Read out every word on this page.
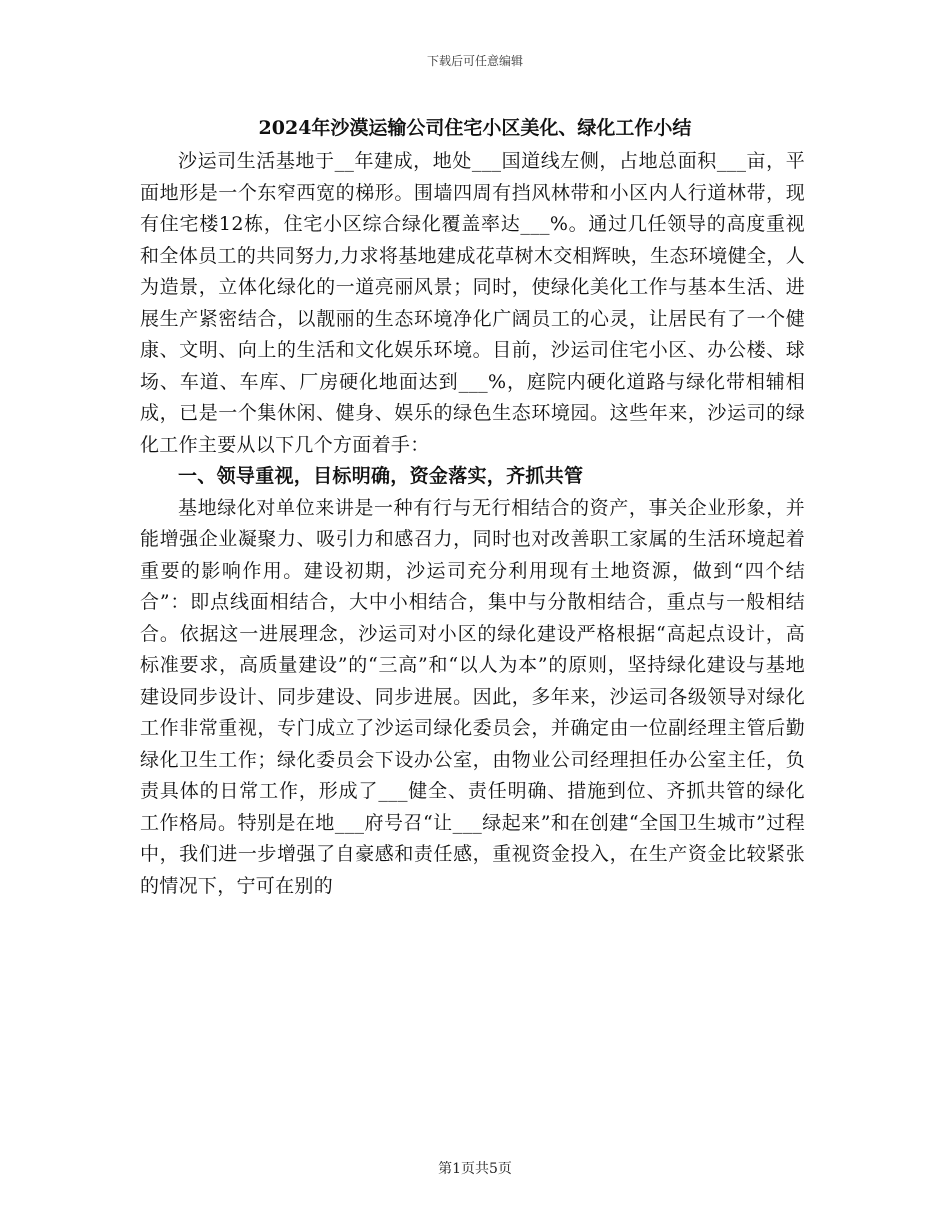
下载后可任意编辑
2024年沙漠运输公司住宅小区美化、绿化工作小结

沙运司生活基地于__年建成，地处___国道线左侧，占地总面积___亩，平面地形是一个东窄西宽的梯形。围墙四周有挡风林带和小区内人行道林带，现有住宅楼12栋，住宅小区综合绿化覆盖率达___%。通过几任领导的高度重视和全体员工的共同努力,力求将基地建成花草树木交相辉映，生态环境健全，人为造景，立体化绿化的一道亮丽风景；同时，使绿化美化工作与基本生活、进展生产紧密结合，以靓丽的生态环境净化广阔员工的心灵，让居民有了一个健康、文明、向上的生活和文化娱乐环境。目前，沙运司住宅小区、办公楼、球场、车道、车库、厂房硬化地面达到___%，庭院内硬化道路与绿化带相辅相成，已是一个集休闲、健身、娱乐的绿色生态环境园。这些年来，沙运司的绿化工作主要从以下几个方面着手：

一、领导重视，目标明确，资金落实，齐抓共管

基地绿化对单位来讲是一种有行与无行相结合的资产，事关企业形象，并能增强企业凝聚力、吸引力和感召力，同时也对改善职工家属的生活环境起着重要的影响作用。建设初期，沙运司充分利用现有土地资源，做到“四个结合”：即点线面相结合，大中小相结合，集中与分散相结合，重点与一般相结合。依据这一进展理念，沙运司对小区的绿化建设严格根据“高起点设计，高标准要求，高质量建设”的“三高”和“以人为本”的原则，坚持绿化建设与基地建设同步设计、同步建设、同步进展。因此，多年来，沙运司各级领导对绿化工作非常重视，专门成立了沙运司绿化委员会，并确定由一位副经理主管后勤绿化卫生工作；绿化委员会下设办公室，由物业公司经理担任办公室主任，负责具体的日常工作，形成了___健全、责任明确、措施到位、齐抓共管的绿化工作格局。特别是在地___府号召“让___绿起来”和在创建“全国卫生城市”过程中，我们进一步增强了自豪感和责任感，重视资金投入，在生产资金比较紧张的情况下，宁可在别的

第1页共5页
